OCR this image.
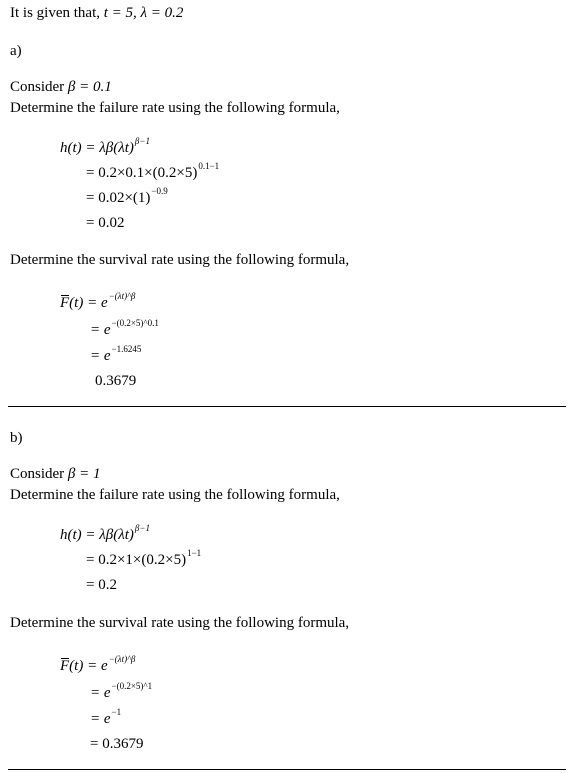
It is given that, t = 5, λ = 0.2
a)
Consider β = 0.1
Determine the failure rate using the following formula,
$h(t) = \lambda\beta(\lambda t)^{\beta-1}$
= $0.2\times 0.1\times(0.2\times 5)^{0.1-1}$
= $0.02\times(1)^{-0.9}$
= 0.02
Determine the survival rate using the following formula,
$F(t) = e^{-(\lambda t)\^{}\beta}$
= $e^{-(0.2\times 5)\^{}0.1}$
= $e^{-1.6245}$
0.3679
b)
Consider β = 1
Determine the failure rate using the following formula,
$h(t) = \lambda\beta(\lambda t)^{\beta-1}$
= $0.2\times 1\times(0.2\times 5)^{1-1}$
= 0.2
Determine the survival rate using the following formula,
$F(t) = e^{-(\lambda t)\^{}\beta}$
= $e^{-(0.2\times 5)\^{}1}$
= $e^{-1}$
= 0.3679
